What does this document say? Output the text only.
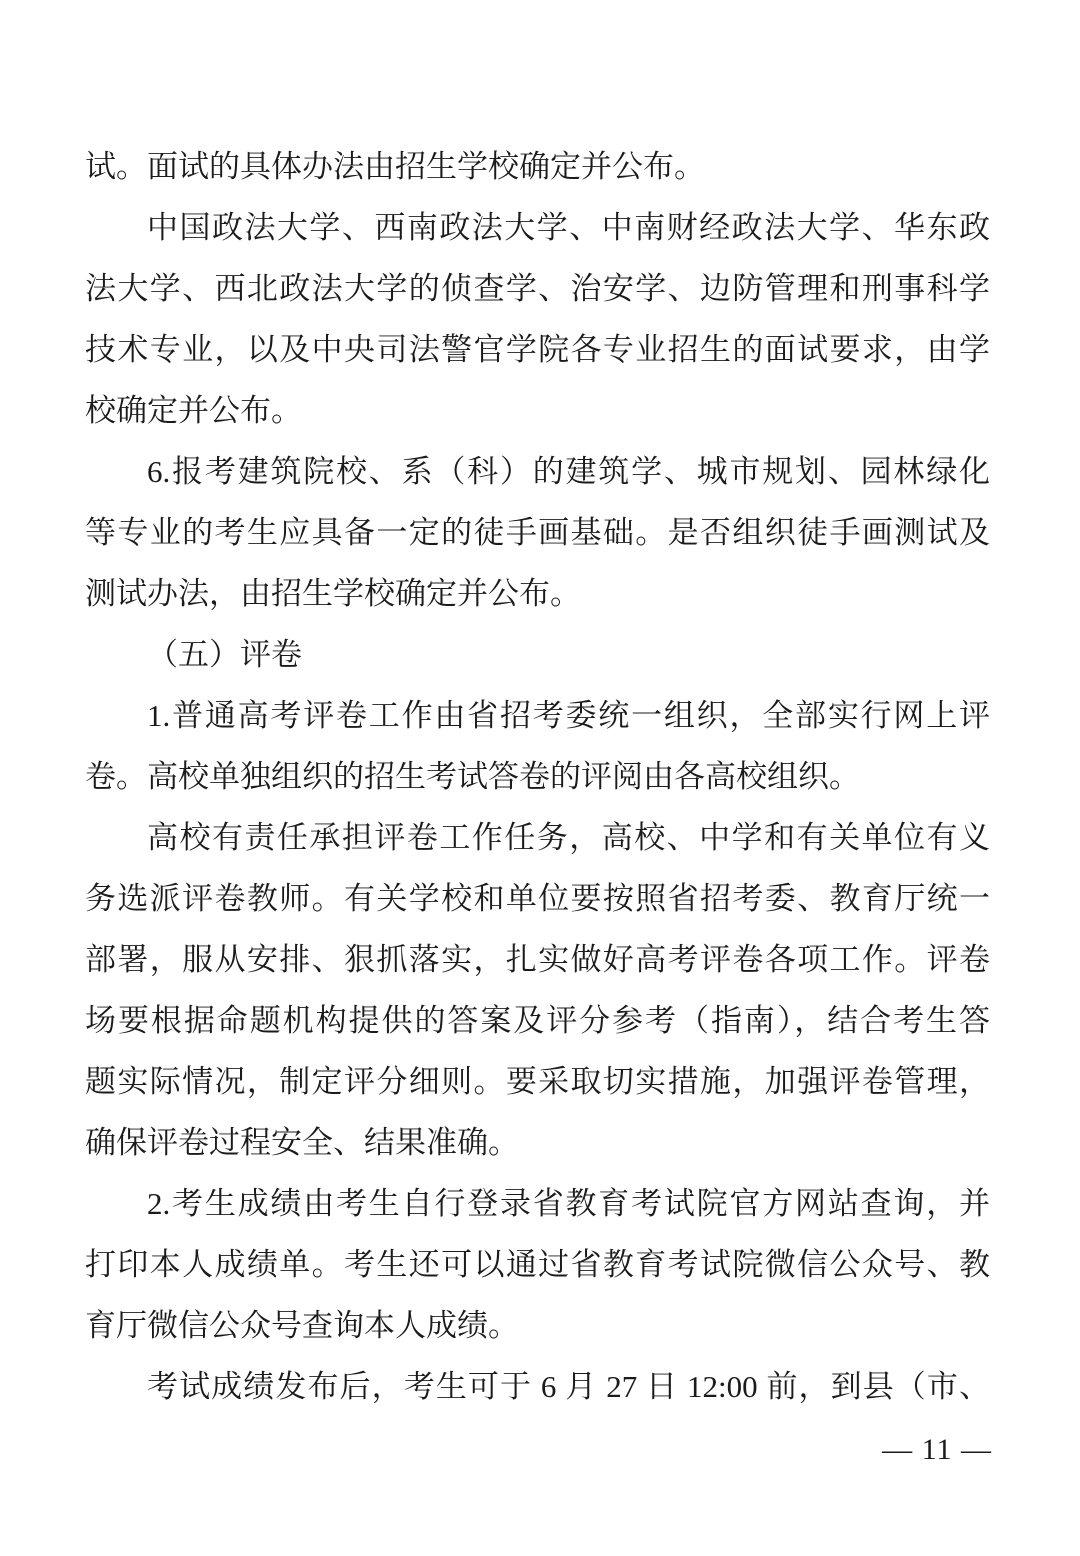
试。面试的具体办法由招生学校确定并公布。
中国政法大学、西南政法大学、中南财经政法大学、华东政
法大学、西北政法大学的侦查学、治安学、边防管理和刑事科学
技术专业，以及中央司法警官学院各专业招生的面试要求，由学
校确定并公布。
6.报考建筑院校、系（科）的建筑学、城市规划、园林绿化
等专业的考生应具备一定的徒手画基础。是否组织徒手画测试及
测试办法，由招生学校确定并公布。
（五）评卷
1.普通高考评卷工作由省招考委统一组织，全部实行网上评
卷。高校单独组织的招生考试答卷的评阅由各高校组织。
高校有责任承担评卷工作任务，高校、中学和有关单位有义
务选派评卷教师。有关学校和单位要按照省招考委、教育厅统一
部署，服从安排、狠抓落实，扎实做好高考评卷各项工作。评卷
场要根据命题机构提供的答案及评分参考（指南），结合考生答
题实际情况，制定评分细则。要采取切实措施，加强评卷管理，
确保评卷过程安全、结果准确。
2.考生成绩由考生自行登录省教育考试院官方网站查询，并
打印本人成绩单。考生还可以通过省教育考试院微信公众号、教
育厅微信公众号查询本人成绩。
考试成绩发布后，考生可于 6 月 27 日 12:00 前，到县（市、
— 11 —
